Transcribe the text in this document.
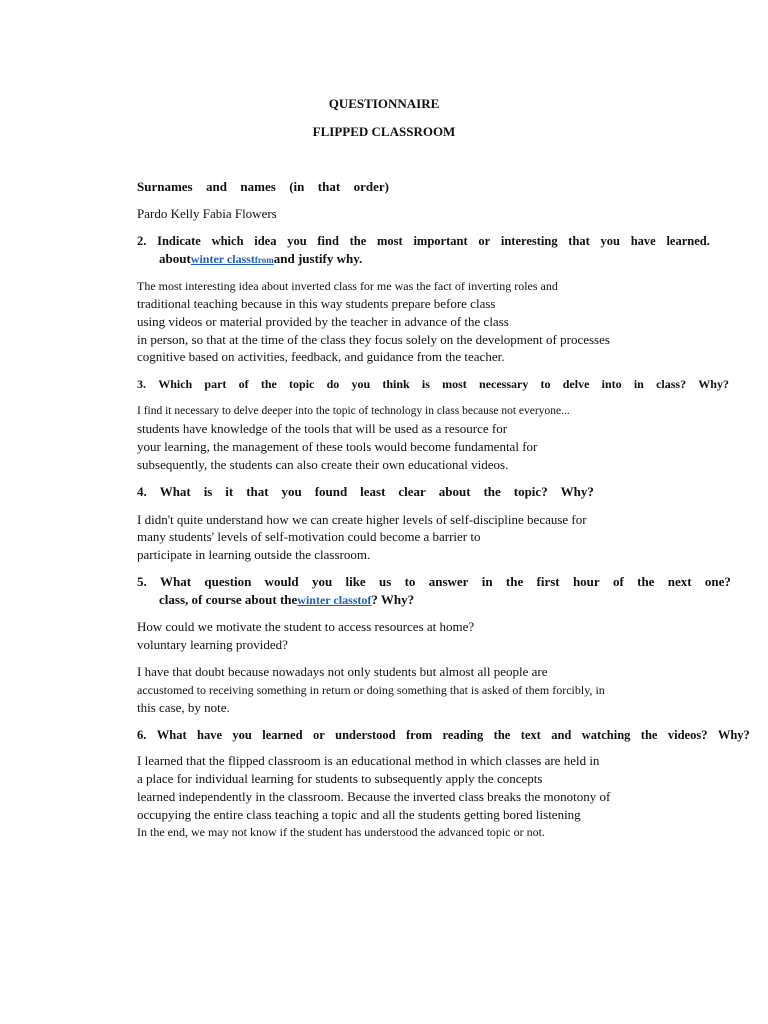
QUESTIONNAIRE
FLIPPED CLASSROOM
Surnames and names (in that order)
Pardo Kelly Fabia Flowers
2. Indicate which idea you find the most important or interesting that you have learned.
aboutwinter classtfromand justify why.
The most interesting idea about inverted class for me was the fact of inverting roles and
traditional teaching because in this way students prepare before class
using videos or material provided by the teacher in advance of the class
in person, so that at the time of the class they focus solely on the development of processes
cognitive based on activities, feedback, and guidance from the teacher.
3. Which part of the topic do you think is most necessary to delve into in class? Why?
I find it necessary to delve deeper into the topic of technology in class because not everyone...
students have knowledge of the tools that will be used as a resource for
your learning, the management of these tools would become fundamental for
subsequently, the students can also create their own educational videos.
4. What is it that you found least clear about the topic? Why?
I didn't quite understand how we can create higher levels of self-discipline because for
many students' levels of self-motivation could become a barrier to
participate in learning outside the classroom.
5. What question would you like us to answer in the first hour of the next one?
class, of course about thewinter classtof? Why?
How could we motivate the student to access resources at home?
voluntary learning provided?
I have that doubt because nowadays not only students but almost all people are
accustomed to receiving something in return or doing something that is asked of them forcibly, in
this case, by note.
6. What have you learned or understood from reading the text and watching the videos? Why?
I learned that the flipped classroom is an educational method in which classes are held in
a place for individual learning for students to subsequently apply the concepts
learned independently in the classroom. Because the inverted class breaks the monotony of
occupying the entire class teaching a topic and all the students getting bored listening
In the end, we may not know if the student has understood the advanced topic or not.
